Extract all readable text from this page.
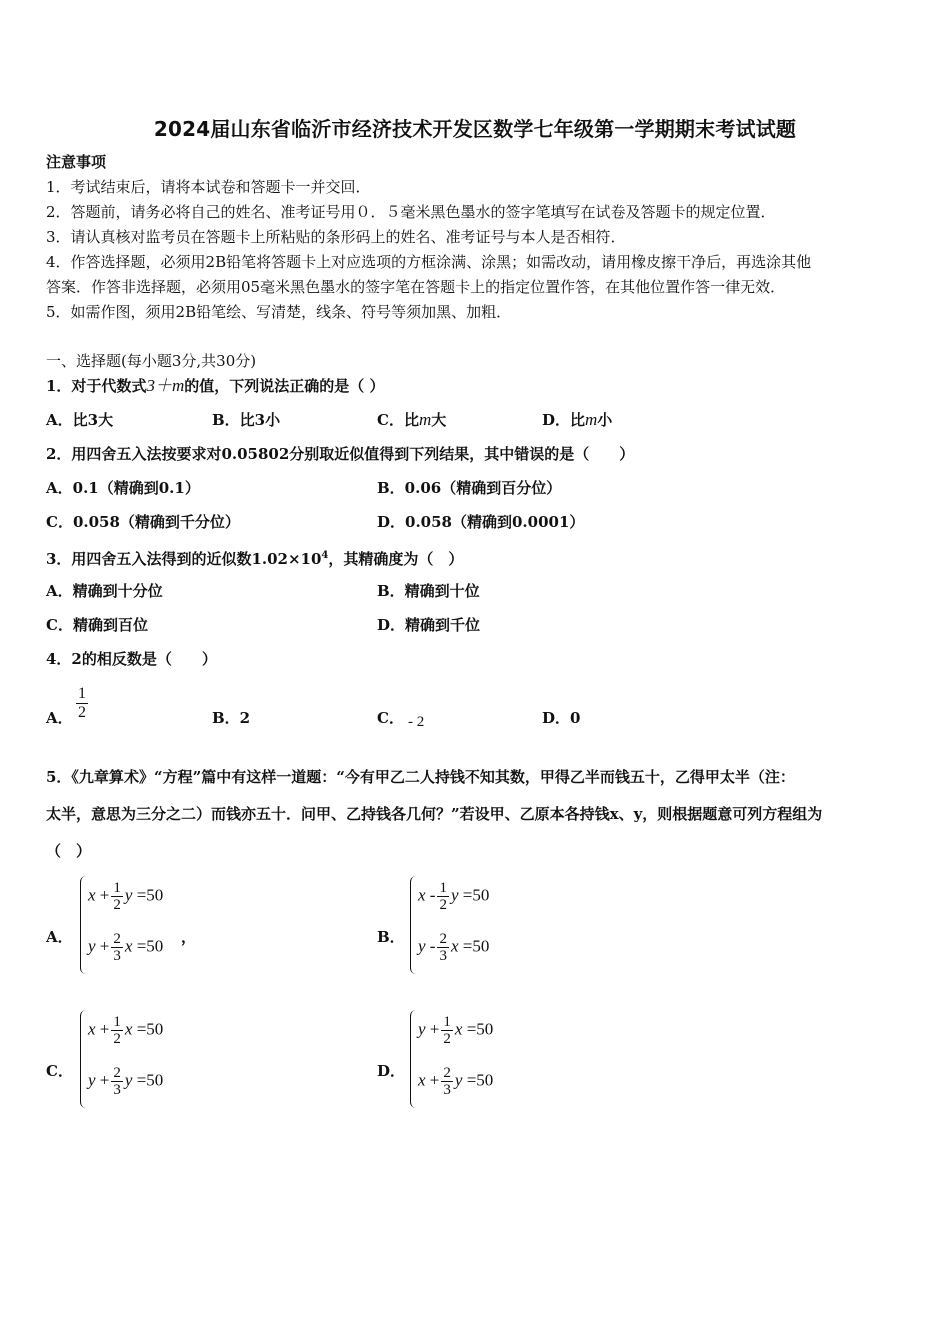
2024届山东省临沂市经济技术开发区数学七年级第一学期期末考试试题
注意事项
1．考试结束后，请将本试卷和答题卡一并交回．
2．答题前，请务必将自己的姓名、准考证号用０．５毫米黑色墨水的签字笔填写在试卷及答题卡的规定位置．
3．请认真核对监考员在答题卡上所粘贴的条形码上的姓名、准考证号与本人是否相符．
4．作答选择题，必须用2B铅笔将答题卡上对应选项的方框涂满、涂黑；如需改动，请用橡皮擦干净后，再选涂其他
答案．作答非选择题，必须用05毫米黑色墨水的签字笔在答题卡上的指定位置作答，在其他位置作答一律无效．
5．如需作图，须用2B铅笔绘、写清楚，线条、符号等须加黑、加粗．
一、选择题(每小题3分,共30分)
1．对于代数式3＋m的值，下列说法正确的是（ ）
A．比3大	B．比3小	C．比m大	D．比m小
2．用四舍五入法按要求对0.05802分别取近似值得到下列结果，其中错误的是（　　）
A．0.1（精确到0.1）	B．0.06（精确到百分位）
C．0.058（精确到千分位）	D．0.058（精确到0.0001）
3．用四舍五入法得到的近似数$1.02\times 10^4$，其精确度为（　）
A．精确到十分位	B．精确到十位
C．精确到百位	D．精确到千位
4．2的相反数是（　　）
A． $\frac{1}{2}$	B．2	C． - 2	D．0
5．《九章算术》“方程”篇中有这样一道题：“今有甲乙二人持钱不知其数，甲得乙半而钱五十，乙得甲太半（注：
太半，意思为三分之二）而钱亦五十．问甲、乙持钱各几何？”若设甲、乙原本各持钱x、y，则根据题意可列方程组为
（　）
A．
$x + \frac{1}{2}$ y =50
$y + \frac{2}{3}$ x =50 ，	B．
x - $\frac{1}{2}$ y =50
y - $\frac{2}{3}$ x =50
C．
$x + \frac{1}{2}$ x =50
$y + \frac{2}{3}$ y =50	D．
$y + \frac{1}{2}$ x =50
$x + \frac{2}{3}$ y =50
